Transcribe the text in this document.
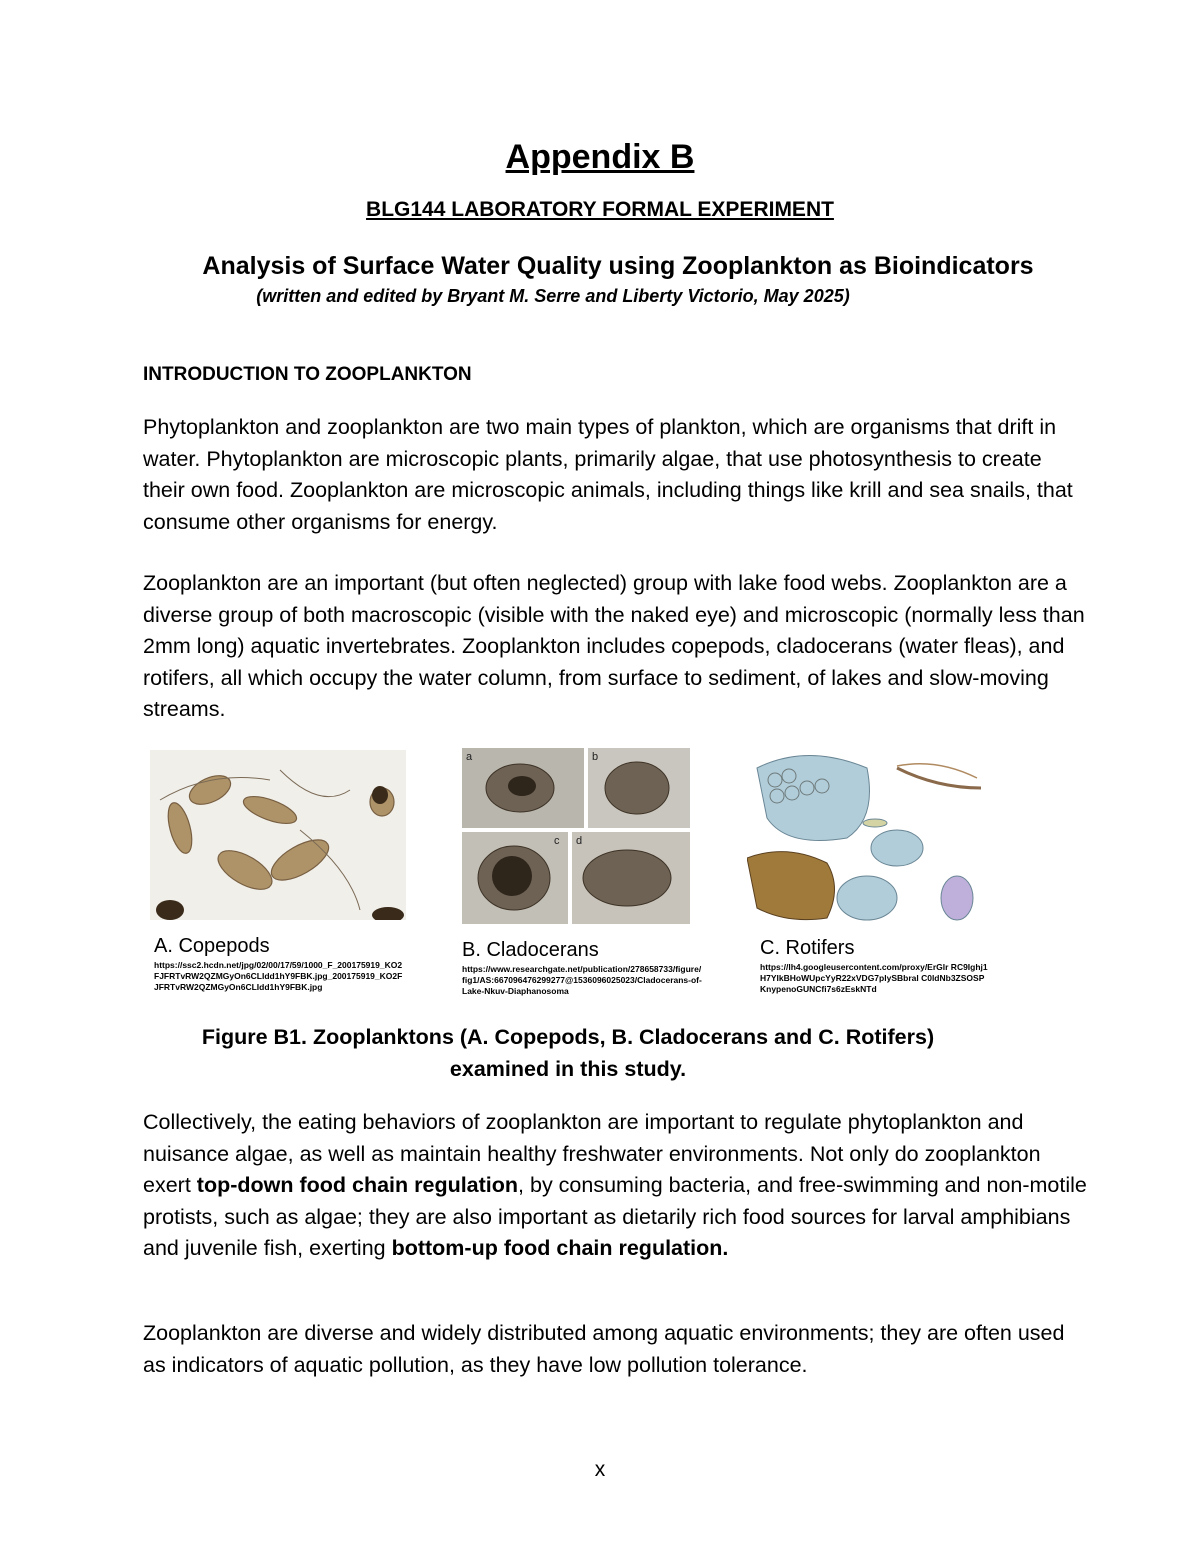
Appendix B
BLG144 LABORATORY FORMAL EXPERIMENT
Analysis of Surface Water Quality using Zooplankton as Bioindicators

(written and edited by Bryant M. Serre and Liberty Victorio, May 2025)

INTRODUCTION TO ZOOPLANKTON

Phytoplankton and zooplankton are two main types of plankton, which are organisms that drift in water. Phytoplankton are microscopic plants, primarily algae, that use photosynthesis to create their own food. Zooplankton are microscopic animals, including things like krill and sea snails, that consume other organisms for energy.

Zooplankton are an important (but often neglected) group with lake food webs. Zooplankton are a diverse group of both macroscopic (visible with the naked eye) and microscopic (normally less than 2mm long) aquatic invertebrates. Zooplankton includes copepods, cladocerans (water fleas), and rotifers, all which occupy the water column, from surface to sediment, of lakes and slow-moving streams.

A. Copepods
https://ssc2.hcdn.net/jpg/02/00/17/59/1000_F_200175919_KO2FJFRTvRW2QZMGyOn6CLIdd1hY9FBK.jpg_200175919_KO2FJFRTvRW2QZMGyOn6CLIdd1hY9FBK.jpg
a	b
c d
B. Cladocerans
https://www.researchgate.net/publication/278658733/figure/fig1/AS:667096476299277@1536096025023/Cladocerans-of-Lake-Nkuv-Diaphanosoma
C. Rotifers
https://lh4.googleusercontent.com/proxy/ErGlr RC9Ighj1H7YIkBHoWUpcYyR22xVDG7plySBbral C0ldNb3ZSOSPKnypenoGUNCfi7s6zEskNTd
Figure B1. Zooplanktons (A. Copepods, B. Cladocerans and C. Rotifers)
examined in this study.

Collectively, the eating behaviors of zooplankton are important to regulate phytoplankton and nuisance algae, as well as maintain healthy freshwater environments. Not only do zooplankton exert top-down food chain regulation, by consuming bacteria, and free-swimming and non-motile protists, such as algae; they are also important as dietarily rich food sources for larval amphibians and juvenile fish, exerting bottom-up food chain regulation.

Zooplankton are diverse and widely distributed among aquatic environments; they are often used as indicators of aquatic pollution, as they have low pollution tolerance.

x
